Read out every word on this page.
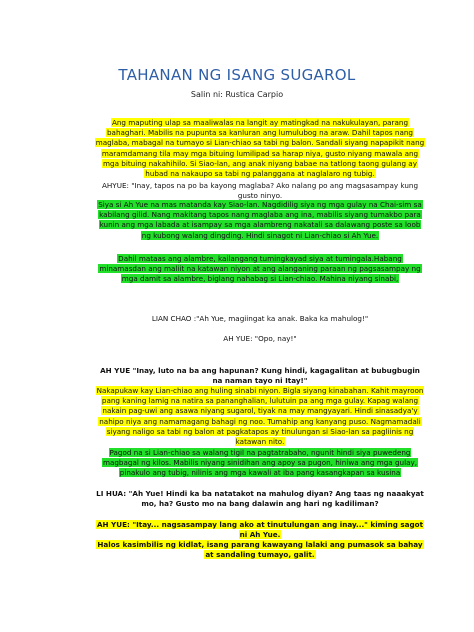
TAHANAN NG ISANG SUGAROL
Salin ni: Rustica Carpio
Ang maputing ulap sa maaliwalas na langit ay matingkad na nakukulayan, parang bahaghari. Mabilis na pupunta sa kanluran ang lumulubog na araw. Dahil tapos nang maglaba, mabagal na tumayo si Lian-chiao sa tabi ng balon. Sandali siyang napapikit nang maramdamang tila may mga bituing lumilipad sa harap niya, gusto niyang mawala ang mga bituing nakahihilo. Si Siao-lan, ang anak niyang babae na tatlong taong gulang ay hubad na nakaupo sa tabi ng palanggana at naglalaro ng tubig.
AHYUE: "Inay, tapos na po ba kayong maglaba? Ako nalang po ang magsasampay kung gusto ninyo.
Siya si Ah Yue na mas matanda kay Siao-lan. Nagdidilig siya ng mga gulay na Chai-sim sa kabilang gilid. Nang makitang tapos nang maglaba ang ina, mabilis siyang tumakbo para kunin ang mga labada at isampay sa mga alambreng nakatali sa dalawang poste sa loob ng kubong walang dingding. Hindi sinagot ni Lian-chiao si Ah Yue.
Dahil mataas ang alambre, kailangang tumingkayad siya at tumingala.Habang minamasdan ang maliit na katawan niyon at ang alanganing paraan ng pagsasampay ng mga damit sa alambre, biglang nahabag si Lian-chiao. Mahina niyang sinabi,
LIAN CHAO :"Ah Yue, magiingat ka anak. Baka ka mahulog!"
AH YUE: "Opo, nay!"
AH YUE "Inay, luto na ba ang hapunan? Kung hindi, kagagalitan at bubugbugin na naman tayo ni Itay!"
Nakapukaw kay Lian-chiao ang huling sinabi niyon. Bigla siyang kinabahan. Kahit mayroon pang kaning lamig na natira sa pananghalian, lulutuin pa ang mga gulay. Kapag walang nakain pag-uwi ang asawa niyang sugarol, tiyak na may mangyayari. Hindi sinasadya'y nahipo niya ang namamagang bahagi ng noo. Tumahip ang kanyang puso. Nagmamadali siyang naligo sa tabi ng balon at pagkatapos ay tinulungan si Siao-lan sa pagliinis ng katawan nito.
Pagod na si Lian-chiao sa walang tigil na pagtatrabaho, ngunit hindi siya puwedeng magbagal ng kilos. Mabilis niyang sinidihan ang apoy sa pugon, hiniwa ang mga gulay, pinakulo ang tubig, nilinis ang mga kawali at iba pang kasangkapan sa kusina
LI HUA: "Ah Yue! Hindi ka ba natatakot na mahulog diyan? Ang taas ng naaakyat mo, ha? Gusto mo na bang dalawin ang hari ng kadiliman?
AH YUE: "Itay... nagsasampay lang ako at tinutulungan ang inay..." kiming sagot ni Ah Yue.
Halos kasimbilis ng kidlat, isang parang kawayang lalaki ang pumasok sa bahay at sandaling tumayo, galit.
